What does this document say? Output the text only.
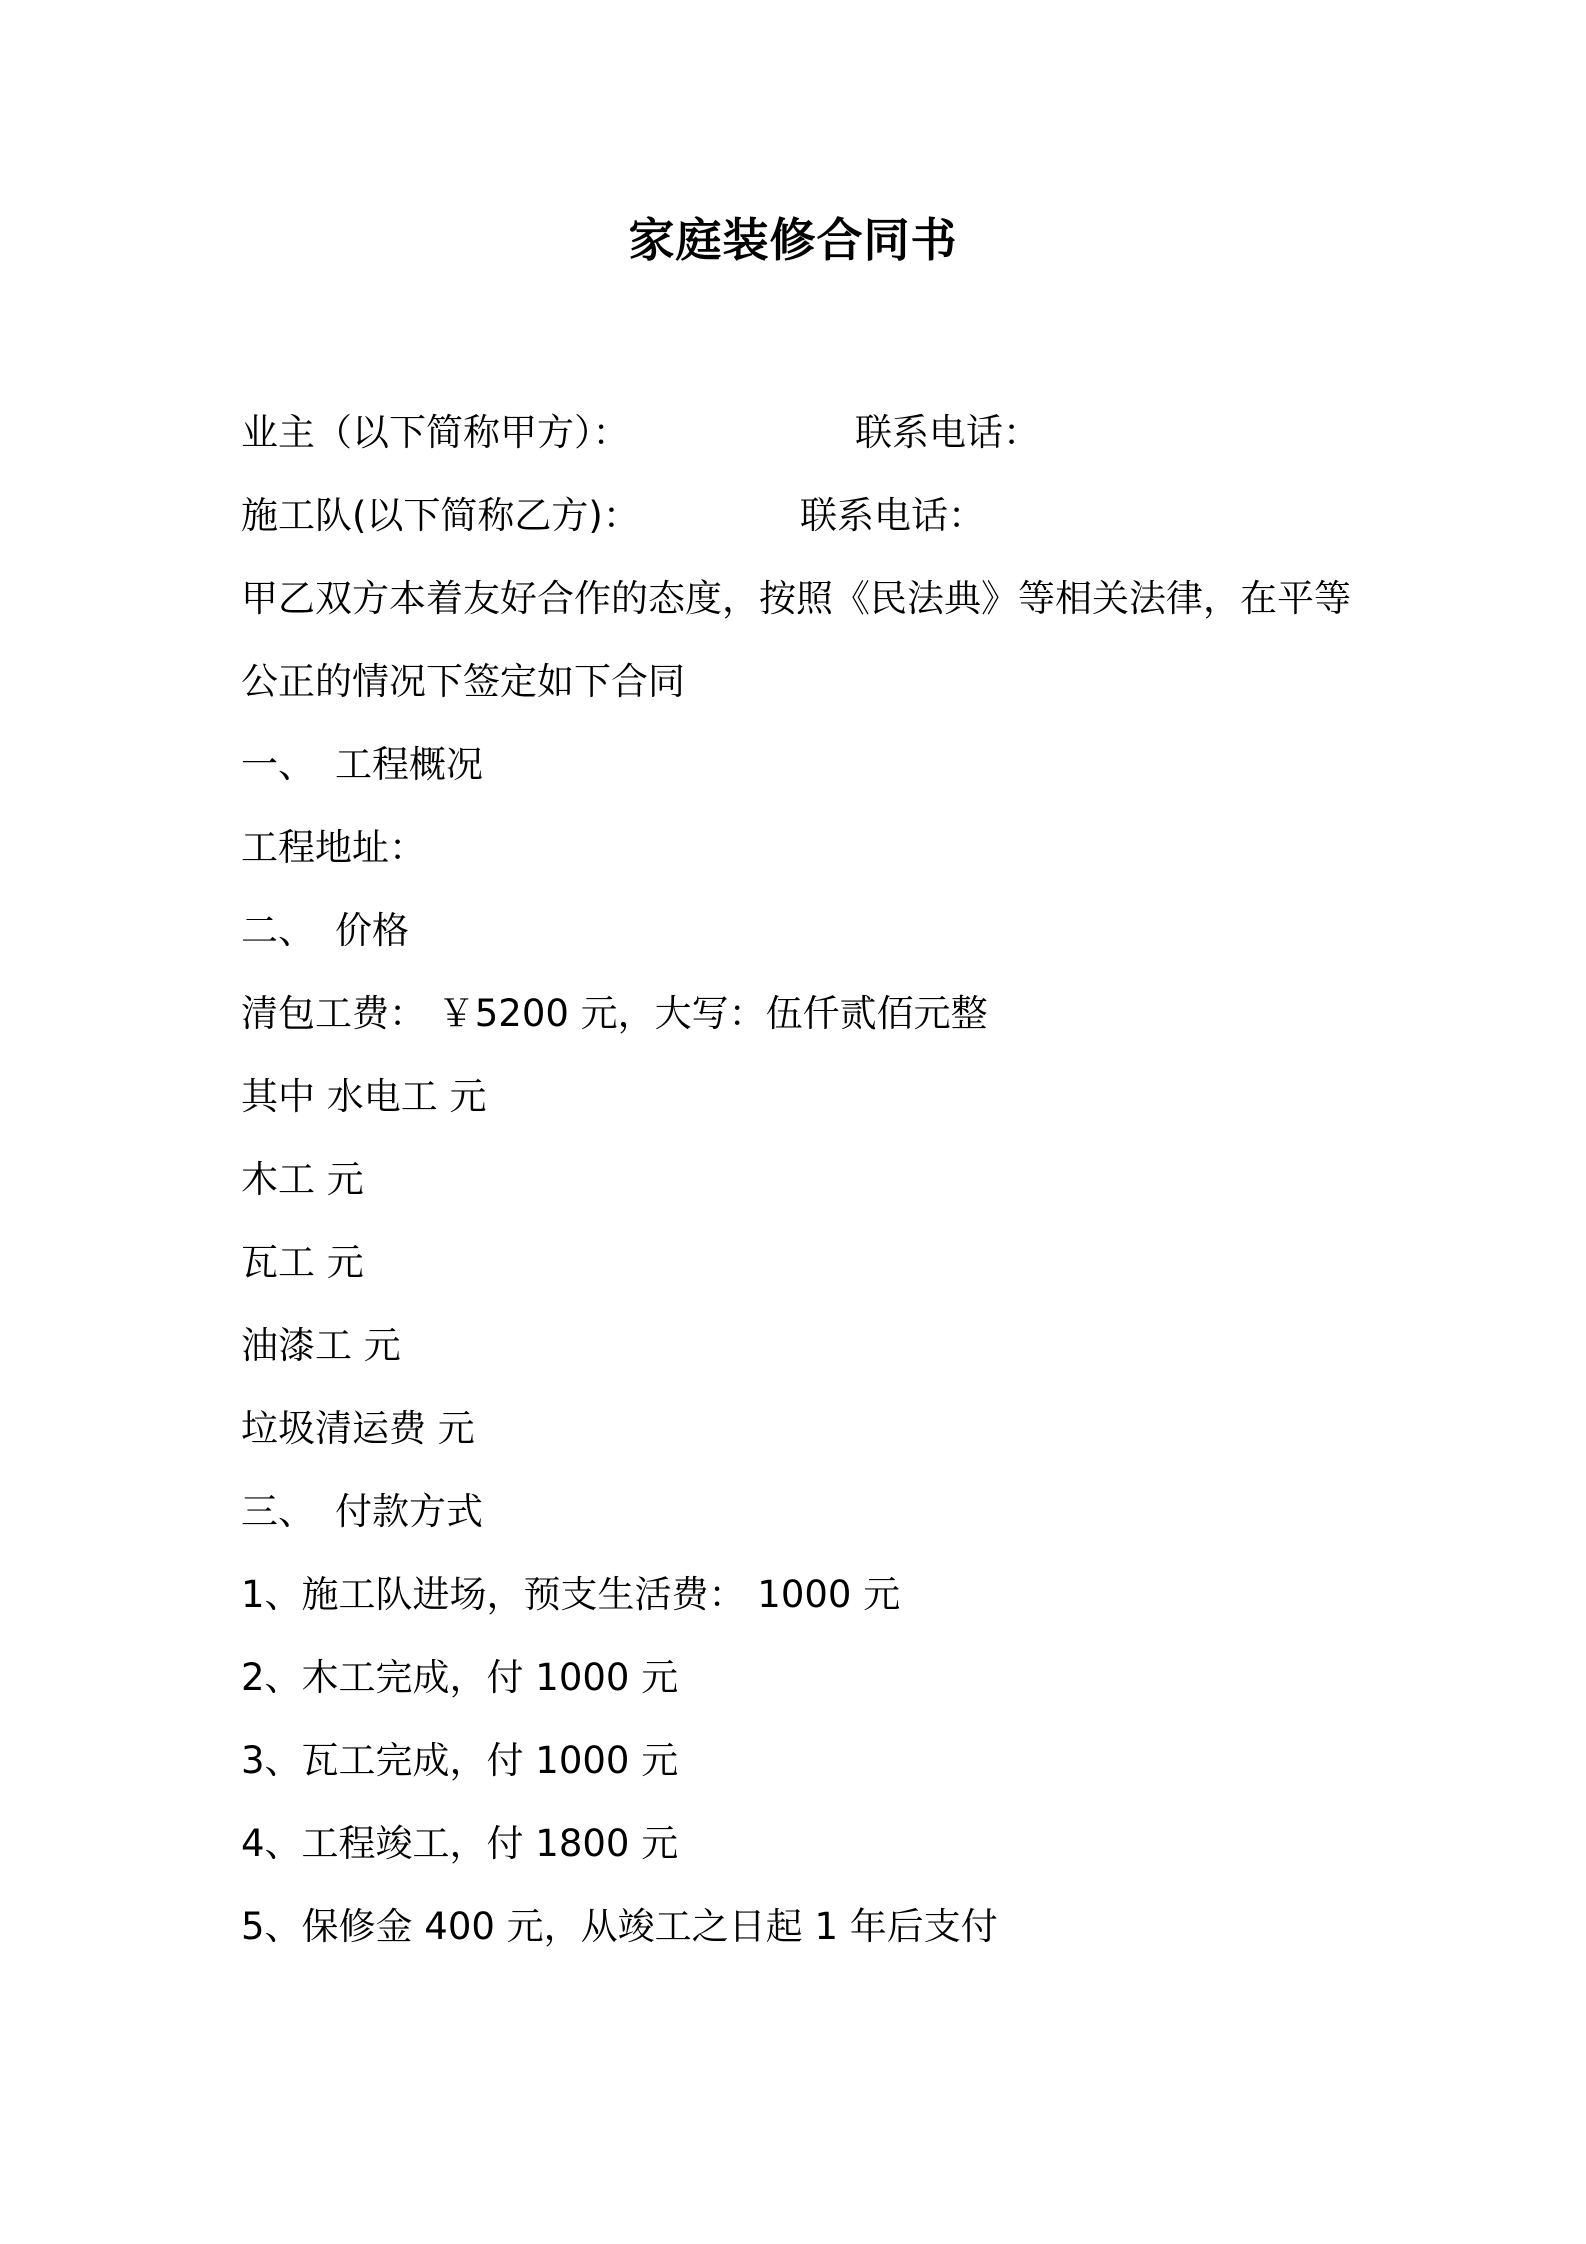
家庭装修合同书
业主（以下简称甲方）：	联系电话：
施工队(以下简称乙方)：	联系电话：
甲乙双方本着友好合作的态度，按照《民法典》等相关法律，在平等
公正的情况下签定如下合同
一、 工程概况
工程地址：
二、 价格
清包工费： ￥5200 元，大写：伍仟贰佰元整
其中 水电工 元
木工 元
瓦工 元
油漆工 元
垃圾清运费 元
三、 付款方式
1、施工队进场，预支生活费： 1000 元
2、木工完成，付 1000 元
3、瓦工完成，付 1000 元
4、工程竣工，付 1800 元
5、保修金 400 元，从竣工之日起 1 年后支付
